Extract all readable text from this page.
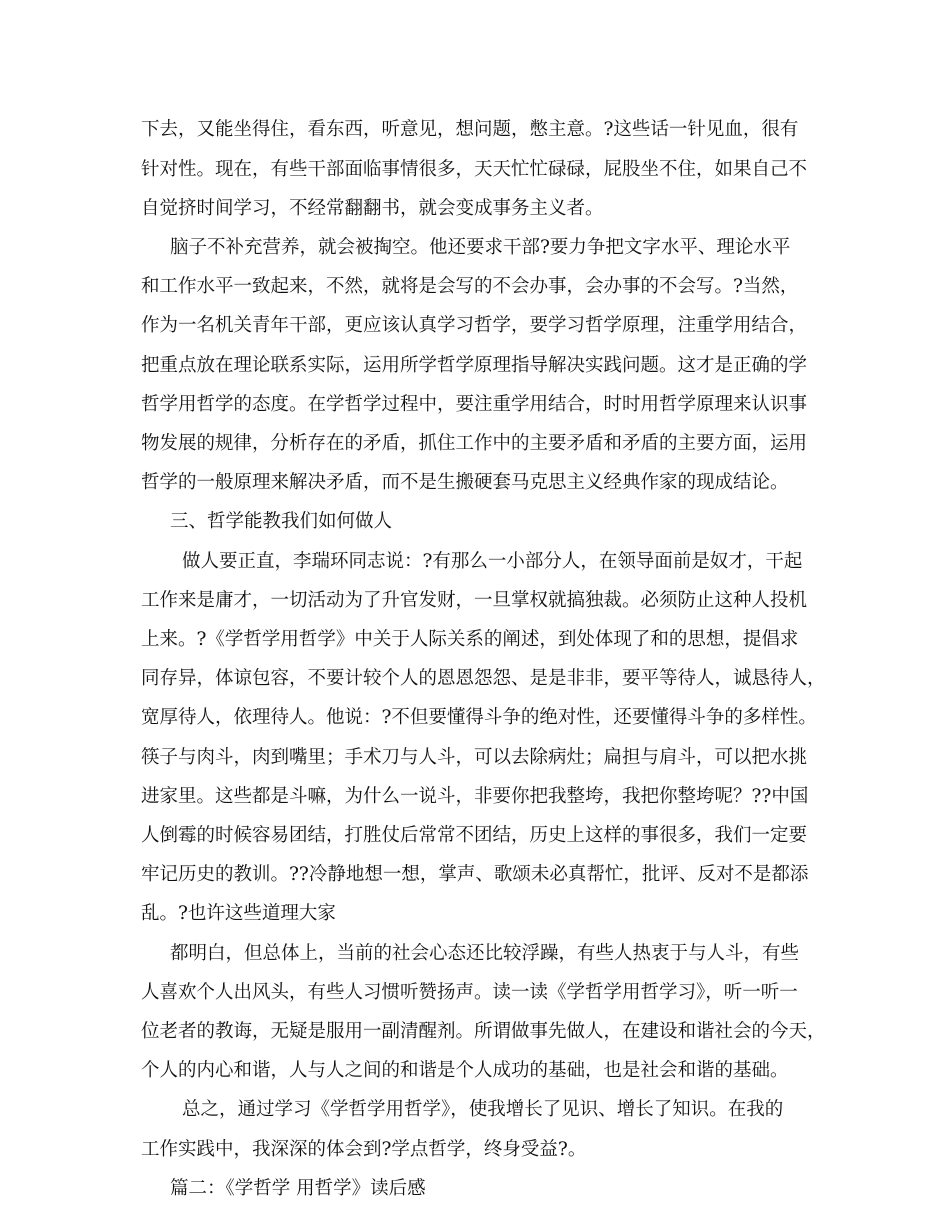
下去，又能坐得住，看东西，听意见，想问题，憋主意。?这些话一针见血，很有

针对性。现在，有些干部面临事情很多，天天忙忙碌碌，屁股坐不住，如果自己不

自觉挤时间学习，不经常翻翻书，就会变成事务主义者。

脑子不补充营养，就会被掏空。他还要求干部?要力争把文字水平、理论水平

和工作水平一致起来，不然，就将是会写的不会办事，会办事的不会写。?当然，

作为一名机关青年干部，更应该认真学习哲学，要学习哲学原理，注重学用结合，

把重点放在理论联系实际，运用所学哲学原理指导解决实践问题。这才是正确的学

哲学用哲学的态度。在学哲学过程中，要注重学用结合，时时用哲学原理来认识事

物发展的规律，分析存在的矛盾，抓住工作中的主要矛盾和矛盾的主要方面，运用

哲学的一般原理来解决矛盾，而不是生搬硬套马克思主义经典作家的现成结论。

三、哲学能教我们如何做人

做人要正直，李瑞环同志说：?有那么一小部分人，在领导面前是奴才，干起

工作来是庸才，一切活动为了升官发财，一旦掌权就搞独裁。必须防止这种人投机

上来。?《学哲学用哲学》中关于人际关系的阐述，到处体现了和的思想，提倡求

同存异，体谅包容，不要计较个人的恩恩怨怨、是是非非，要平等待人，诚恳待人，

宽厚待人，依理待人。他说：?不但要懂得斗争的绝对性，还要懂得斗争的多样性。

筷子与肉斗，肉到嘴里；手术刀与人斗，可以去除病灶；扁担与肩斗，可以把水挑

进家里。这些都是斗嘛，为什么一说斗，非要你把我整垮，我把你整垮呢？??中国

人倒霉的时候容易团结，打胜仗后常常不团结，历史上这样的事很多，我们一定要

牢记历史的教训。??冷静地想一想，掌声、歌颂未必真帮忙，批评、反对不是都添

乱。?也许这些道理大家

都明白，但总体上，当前的社会心态还比较浮躁，有些人热衷于与人斗，有些

人喜欢个人出风头，有些人习惯听赞扬声。读一读《学哲学用哲学习》，听一听一

位老者的教诲，无疑是服用一副清醒剂。所谓做事先做人，在建设和谐社会的今天，

个人的内心和谐，人与人之间的和谐是个人成功的基础，也是社会和谐的基础。

总之，通过学习《学哲学用哲学》，使我增长了见识、增长了知识。在我的

工作实践中，我深深的体会到?学点哲学，终身受益?。

篇二：《学哲学 用哲学》读后感
